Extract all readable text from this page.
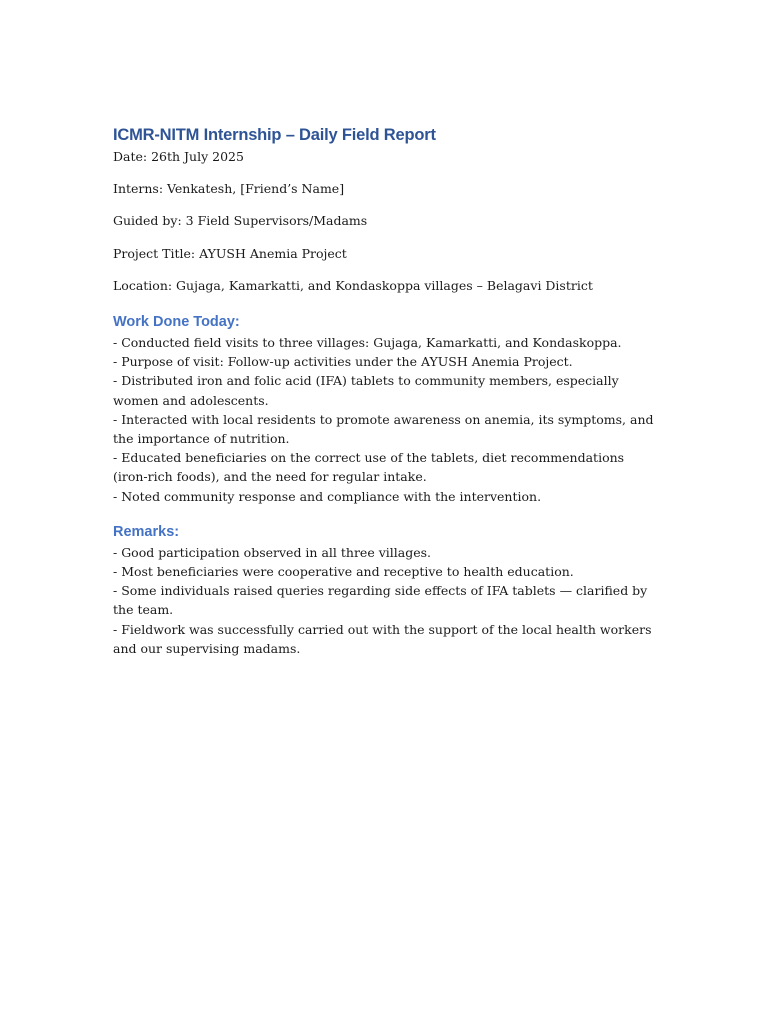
ICMR-NITM Internship – Daily Field Report

Date: 26th July 2025

Interns: Venkatesh, [Friend’s Name]

Guided by: 3 Field Supervisors/Madams

Project Title: AYUSH Anemia Project

Location: Gujaga, Kamarkatti, and Kondaskoppa villages – Belagavi District

Work Done Today:
- Conducted field visits to three villages: Gujaga, Kamarkatti, and Kondaskoppa.
- Purpose of visit: Follow-up activities under the AYUSH Anemia Project.
- Distributed iron and folic acid (IFA) tablets to community members, especially women and adolescents.
- Interacted with local residents to promote awareness on anemia, its symptoms, and the importance of nutrition.
- Educated beneficiaries on the correct use of the tablets, diet recommendations (iron-rich foods), and the need for regular intake.
- Noted community response and compliance with the intervention.
Remarks:
- Good participation observed in all three villages.
- Most beneficiaries were cooperative and receptive to health education.
- Some individuals raised queries regarding side effects of IFA tablets — clarified by the team.
- Fieldwork was successfully carried out with the support of the local health workers and our supervising madams.
